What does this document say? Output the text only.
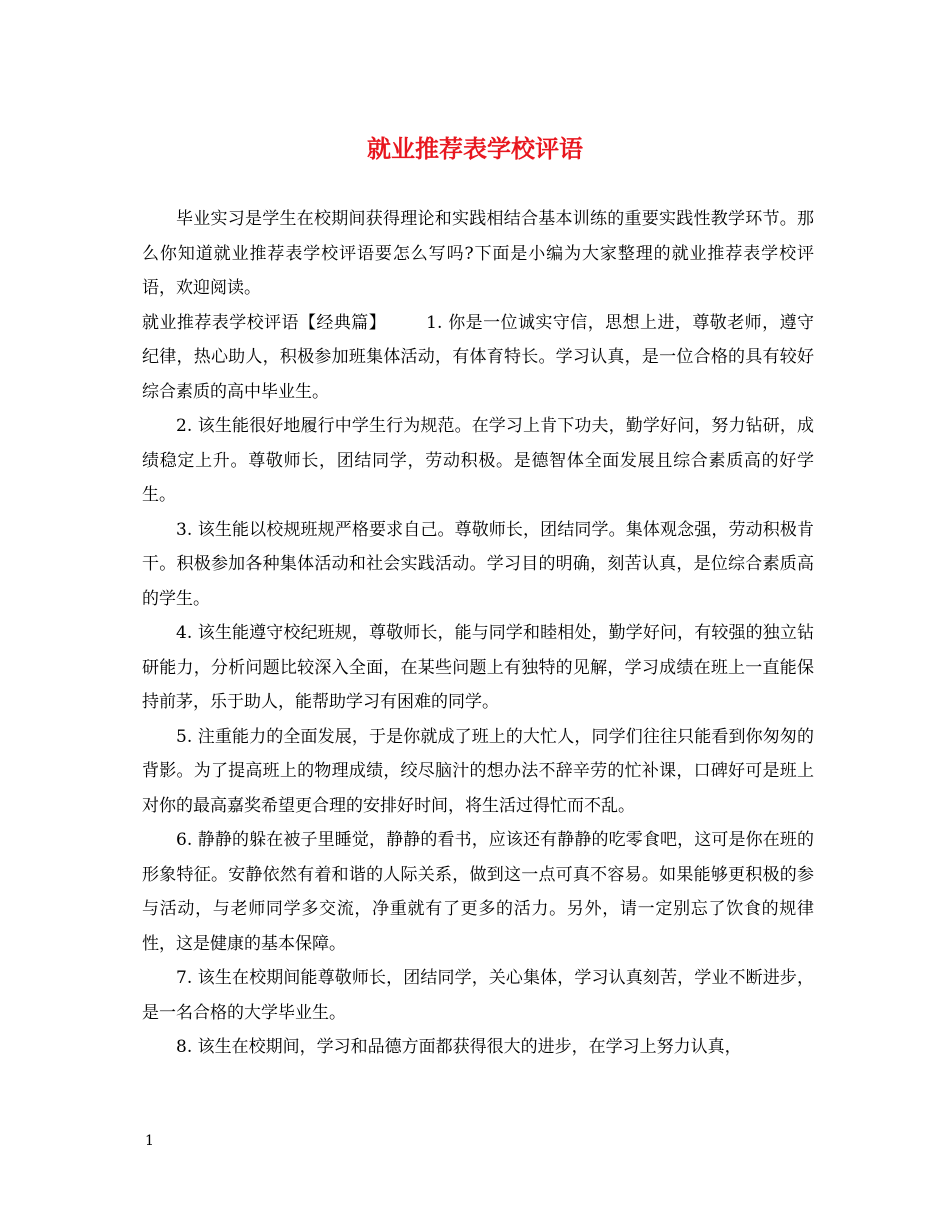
就业推荐表学校评语

毕业实习是学生在校期间获得理论和实践相结合基本训练的重要实践性教学环节。那么你知道就业推荐表学校评语要怎么写吗?下面是小编为大家整理的就业推荐表学校评语，欢迎阅读。

就业推荐表学校评语【经典篇】 1. 你是一位诚实守信，思想上进，尊敬老师，遵守纪律，热心助人，积极参加班集体活动，有体育特长。学习认真，是一位合格的具有较好综合素质的高中毕业生。

2. 该生能很好地履行中学生行为规范。在学习上肯下功夫，勤学好问，努力钻研，成绩稳定上升。尊敬师长，团结同学，劳动积极。是德智体全面发展且综合素质高的好学生。

3. 该生能以校规班规严格要求自己。尊敬师长，团结同学。集体观念强，劳动积极肯干。积极参加各种集体活动和社会实践活动。学习目的明确，刻苦认真，是位综合素质高的学生。

4. 该生能遵守校纪班规，尊敬师长，能与同学和睦相处，勤学好问，有较强的独立钻研能力，分析问题比较深入全面，在某些问题上有独特的见解，学习成绩在班上一直能保持前茅，乐于助人，能帮助学习有困难的同学。

5. 注重能力的全面发展，于是你就成了班上的大忙人，同学们往往只能看到你匆匆的背影。为了提高班上的物理成绩，绞尽脑汁的想办法不辞辛劳的忙补课，口碑好可是班上对你的最高嘉奖希望更合理的安排好时间，将生活过得忙而不乱。

6. 静静的躲在被子里睡觉，静静的看书，应该还有静静的吃零食吧，这可是你在班的形象特征。安静依然有着和谐的人际关系，做到这一点可真不容易。如果能够更积极的参与活动，与老师同学多交流，净重就有了更多的活力。另外，请一定别忘了饮食的规律性，这是健康的基本保障。

7. 该生在校期间能尊敬师长，团结同学，关心集体，学习认真刻苦，学业不断进步，是一名合格的大学毕业生。

8. 该生在校期间，学习和品德方面都获得很大的进步，在学习上努力认真，

1
